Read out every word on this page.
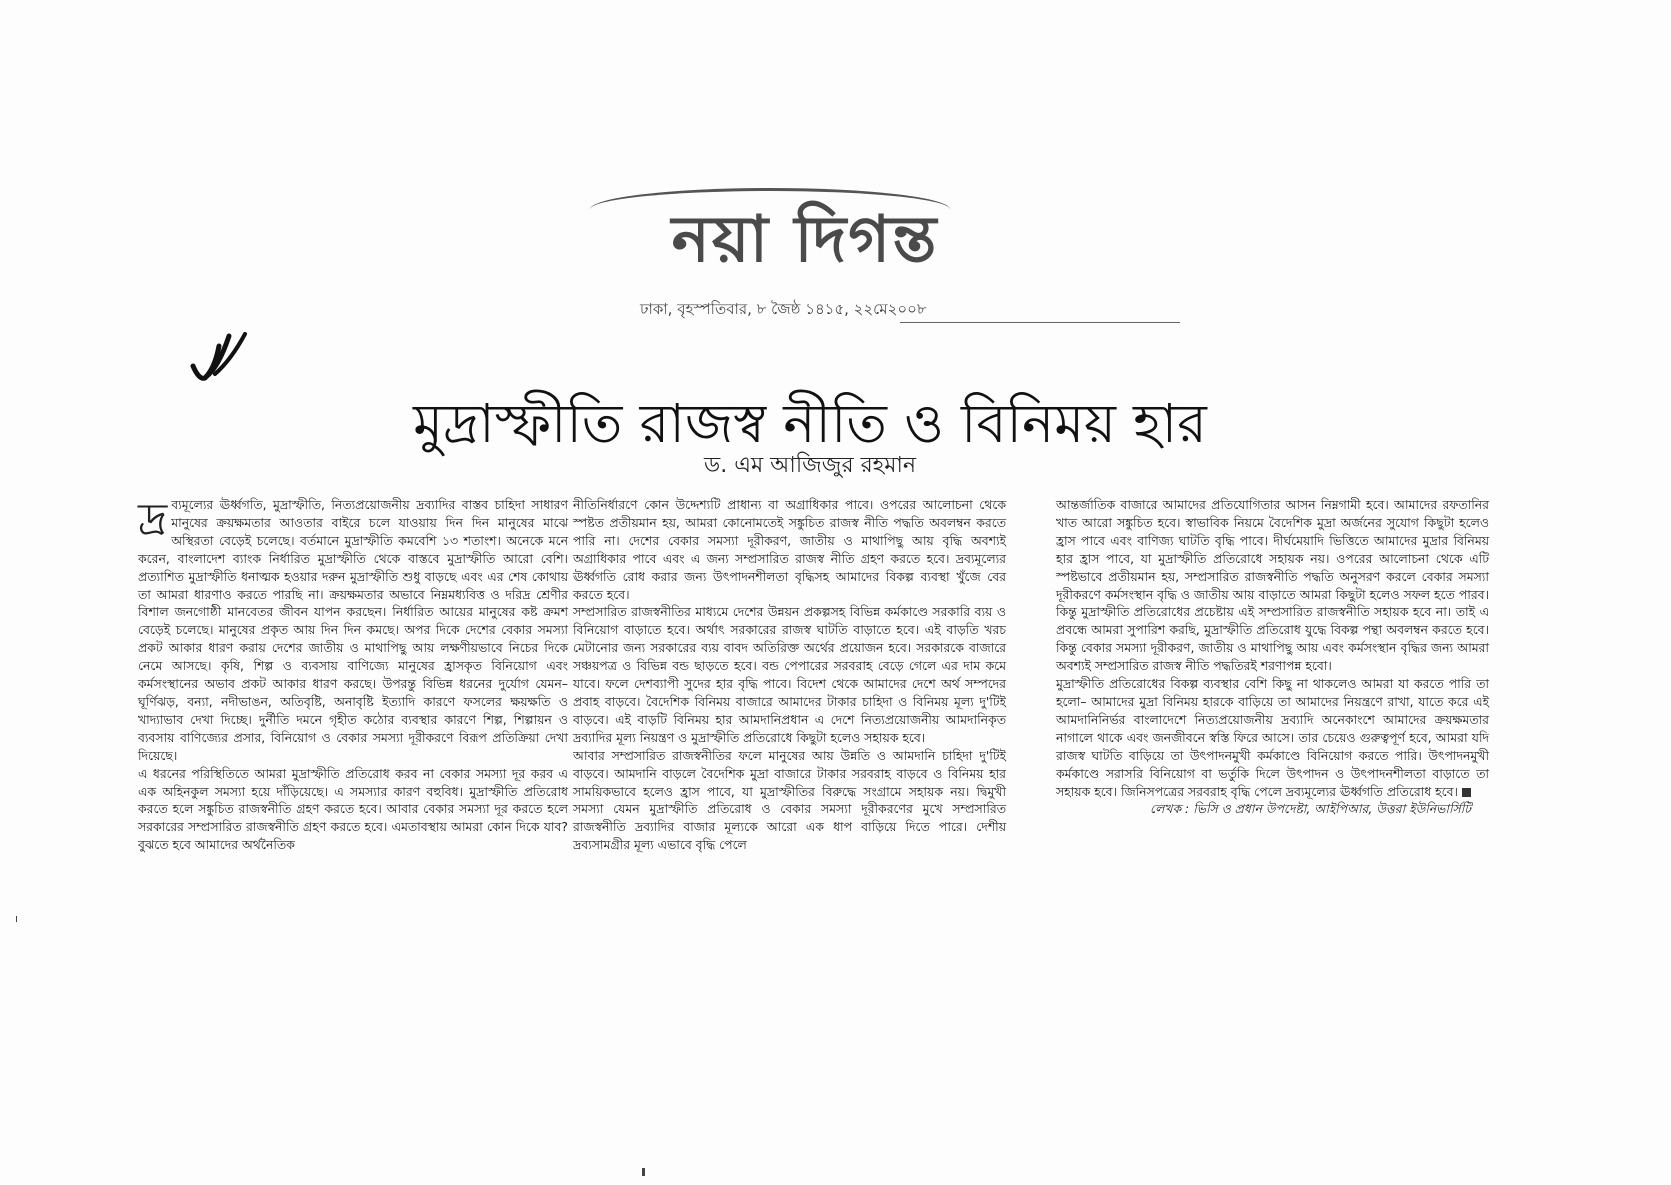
নয়া দিগন্ত
ঢাকা, বৃহস্পতিবার, ৮ জৈষ্ঠ ১৪১৫, ২২মে২০০৮
মুদ্রাস্ফীতি রাজস্ব নীতি ও বিনিময় হার
ড. এম আজিজুর রহমান

দ্র ব্যমূল্যের ঊর্ধ্বগতি, মুদ্রাস্ফীতি, নিত্যপ্রয়োজনীয় দ্রব্যাদির বাস্তব চাহিদা সাধারণ মানুষের ক্রয়ক্ষমতার আওতার বাইরে চলে যাওয়ায় দিন দিন মানুষের মাঝে অস্থিরতা বেড়েই চলেছে। বর্তমানে মুদ্রাস্ফীতি কমবেশি ১৩ শতাংশ। অনেকে মনে করেন, বাংলাদেশ ব্যাংক নির্ধারিত মুদ্রাস্ফীতি থেকে বাস্তবে মুদ্রাস্ফীতি আরো বেশি। প্রত্যাশিত মুদ্রাস্ফীতি ধনাত্মক হওয়ার দরুন মুদ্রাস্ফীতি শুধু বাড়ছে এবং এর শেষ কোথায় তা আমরা ধারণাও করতে পারছি না। ক্রয়ক্ষমতার অভাবে নিম্নমধ্যবিত্ত ও দরিদ্র শ্রেণীর বিশাল জনগোষ্ঠী মানবেতর জীবন যাপন করছেন। নির্ধারিত আয়ের মানুষের কষ্ট ক্রমশ বেড়েই চলেছে। মানুষের প্রকৃত আয় দিন দিন কমছে। অপর দিকে দেশের বেকার সমস্যা প্রকট আকার ধারণ করায় দেশের জাতীয় ও মাথাপিছু আয় লক্ষণীয়ভাবে নিচের দিকে নেমে আসছে। কৃষি, শিল্প ও ব্যবসায় বাণিজ্যে মানুষের হ্রাসকৃত বিনিয়োগ এবং কর্মসংস্থানের অভাব প্রকট আকার ধারণ করছে। উপরন্তু বিভিন্ন ধরনের দুর্যোগ যেমন– ঘূর্ণিঝড়, বন্যা, নদীভাঙন, অতিবৃষ্টি, অনাবৃষ্টি ইত্যাদি কারণে ফসলের ক্ষয়ক্ষতি ও খাদ্যাভাব দেখা দিচ্ছে। দুর্নীতি দমনে গৃহীত কঠোর ব্যবস্থার কারণে শিল্প, শিল্পায়ন ও ব্যবসায় বাণিজ্যের প্রসার, বিনিয়োগ ও বেকার সমস্যা দূরীকরণে বিরূপ প্রতিক্রিয়া দেখা দিয়েছে।

এ ধরনের পরিস্থিতিতে আমরা মুদ্রাস্ফীতি প্রতিরোধ করব না বেকার সমস্যা দূর করব এ এক অহিনকুল সমস্যা হয়ে দাঁড়িয়েছে। এ সমস্যার কারণ বহুবিধ। মুদ্রাস্ফীতি প্রতিরোধ করতে হলে সঙ্কুচিত রাজস্বনীতি গ্রহণ করতে হবে। আবার বেকার সমস্যা দূর করতে হলে সরকারের সম্প্রসারিত রাজস্বনীতি গ্রহণ করতে হবে। এমতাবস্থায় আমরা কোন দিকে যাব? বুঝতে হবে আমাদের অর্থনৈতিক

নীতিনির্ধারণে কোন উদ্দেশ্যটি প্রাধান্য বা অগ্রাধিকার পাবে। ওপরের আলোচনা থেকে স্পষ্টত প্রতীয়মান হয়, আমরা কোনোমতেই সঙ্কুচিত রাজস্ব নীতি পদ্ধতি অবলম্বন করতে পারি না। দেশের বেকার সমস্যা দূরীকরণ, জাতীয় ও মাথাপিছু আয় বৃদ্ধি অবশ্যই অগ্রাধিকার পাবে এবং এ জন্য সম্প্রসারিত রাজস্ব নীতি গ্রহণ করতে হবে। দ্রব্যমূল্যের ঊর্ধ্বগতি রোধ করার জন্য উৎপাদনশীলতা বৃদ্ধিসহ আমাদের বিকল্প ব্যবস্থা খুঁজে বের করতে হবে।

সম্প্রসারিত রাজস্বনীতির মাধ্যমে দেশের উন্নয়ন প্রকল্পসহ বিভিন্ন কর্মকাণ্ডে সরকারি ব্যয় ও বিনিয়োগ বাড়াতে হবে। অর্থাৎ সরকারের রাজস্ব ঘাটতি বাড়াতে হবে। এই বাড়তি খরচ মেটানোর জন্য সরকারের ব্যয় বাবদ অতিরিক্ত অর্থের প্রয়োজন হবে। সরকারকে বাজারে সঞ্চয়পত্র ও বিভিন্ন বন্ড ছাড়তে হবে। বন্ড পেপারের সরবরাহ বেড়ে গেলে এর দাম কমে যাবে। ফলে দেশব্যাপী সুদের হার বৃদ্ধি পাবে। বিদেশ থেকে আমাদের দেশে অর্থ সম্পদের প্রবাহ বাড়বে। বৈদেশিক বিনিময় বাজারে আমাদের টাকার চাহিদা ও বিনিময় মূল্য দু'টিই বাড়বে। এই বাড়টি বিনিময় হার আমদানিপ্রধান এ দেশে নিত্যপ্রয়োজনীয় আমদানিকৃত দ্রব্যাদির মূল্য নিয়ন্ত্রণ ও মুদ্রাস্ফীতি প্রতিরোধে কিছুটা হলেও সহায়ক হবে।

আবার সম্প্রসারিত রাজস্বনীতির ফলে মানুষের আয় উন্নতি ও আমদানি চাহিদা দু'টিই বাড়বে। আমদানি বাড়লে বৈদেশিক মুদ্রা বাজারে টাকার সরবরাহ বাড়বে ও বিনিময় হার সাময়িকভাবে হলেও হ্রাস পাবে, যা মুদ্রাস্ফীতির বিরুদ্ধে সংগ্রামে সহায়ক নয়। দ্বিমুখী সমস্যা যেমন মুদ্রাস্ফীতি প্রতিরোধ ও বেকার সমস্যা দূরীকরণের মুখে সম্প্রসারিত রাজস্বনীতি দ্রব্যাদির বাজার মূল্যকে আরো এক ধাপ বাড়িয়ে দিতে পারে। দেশীয় দ্রব্যসামগ্রীর মূল্য এভাবে বৃদ্ধি পেলে

আন্তর্জাতিক বাজারে আমাদের প্রতিযোগিতার আসন নিম্নগামী হবে। আমাদের রফতানির খাত আরো সঙ্কুচিত হবে। স্বাভাবিক নিয়মে বৈদেশিক মুদ্রা অর্জনের সুযোগ কিছুটা হলেও হ্রাস পাবে এবং বাণিজ্য ঘাটতি বৃদ্ধি পাবে। দীর্ঘমেয়াদি ভিত্তিতে আমাদের মুদ্রার বিনিময় হার হ্রাস পাবে, যা মুদ্রাস্ফীতি প্রতিরোধে সহায়ক নয়। ওপরের আলোচনা থেকে এটি স্পষ্টভাবে প্রতীয়মান হয়, সম্প্রসারিত রাজস্বনীতি পদ্ধতি অনুসরণ করলে বেকার সমস্যা দূরীকরণে কর্মসংস্থান বৃদ্ধি ও জাতীয় আয় বাড়াতে আমরা কিছুটা হলেও সফল হতে পারব। কিন্তু মুদ্রাস্ফীতি প্রতিরোধের প্রচেষ্টায় এই সম্প্রসারিত রাজস্বনীতি সহায়ক হবে না। তাই এ প্রবন্ধে আমরা সুপারিশ করছি, মুদ্রাস্ফীতি প্রতিরোধ যুদ্ধে বিকল্প পন্থা অবলম্বন করতে হবে। কিন্তু বেকার সমস্যা দূরীকরণ, জাতীয় ও মাথাপিছু আয় এবং কর্মসংস্থান বৃদ্ধির জন্য আমরা অবশ্যই সম্প্রসারিত রাজস্ব নীতি পদ্ধতিরই শরণাপন্ন হবো।

মুদ্রাস্ফীতি প্রতিরোধের বিকল্প ব্যবস্থার বেশি কিছু না থাকলেও আমরা যা করতে পারি তা হলো– আমাদের মুদ্রা বিনিময় হারকে বাড়িয়ে তা আমাদের নিয়ন্ত্রণে রাখা, যাতে করে এই আমদানিনির্ভর বাংলাদেশে নিত্যপ্রয়োজনীয় দ্রব্যাদি অনেকাংশে আমাদের ক্রয়ক্ষমতার নাগালে থাকে এবং জনজীবনে স্বস্তি ফিরে আসে। তার চেয়েও গুরুত্বপূর্ণ হবে, আমরা যদি রাজস্ব ঘাটতি বাড়িয়ে তা উৎপাদনমুখী কর্মকাণ্ডে বিনিয়োগ করতে পারি। উৎপাদনমুখী কর্মকাণ্ডে সরাসরি বিনিয়োগ বা ভর্তুকি দিলে উৎপাদন ও উৎপাদনশীলতা বাড়াতে তা সহায়ক হবে। জিনিসপত্রের সরবরাহ বৃদ্ধি পেলে দ্রব্যমূল্যের ঊর্ধ্বগতি প্রতিরোধ হবে।

লেখক : ভিসি ও প্রধান উপদেষ্টা, আইপিআর, উত্তরা ইউনিভার্সিটি
